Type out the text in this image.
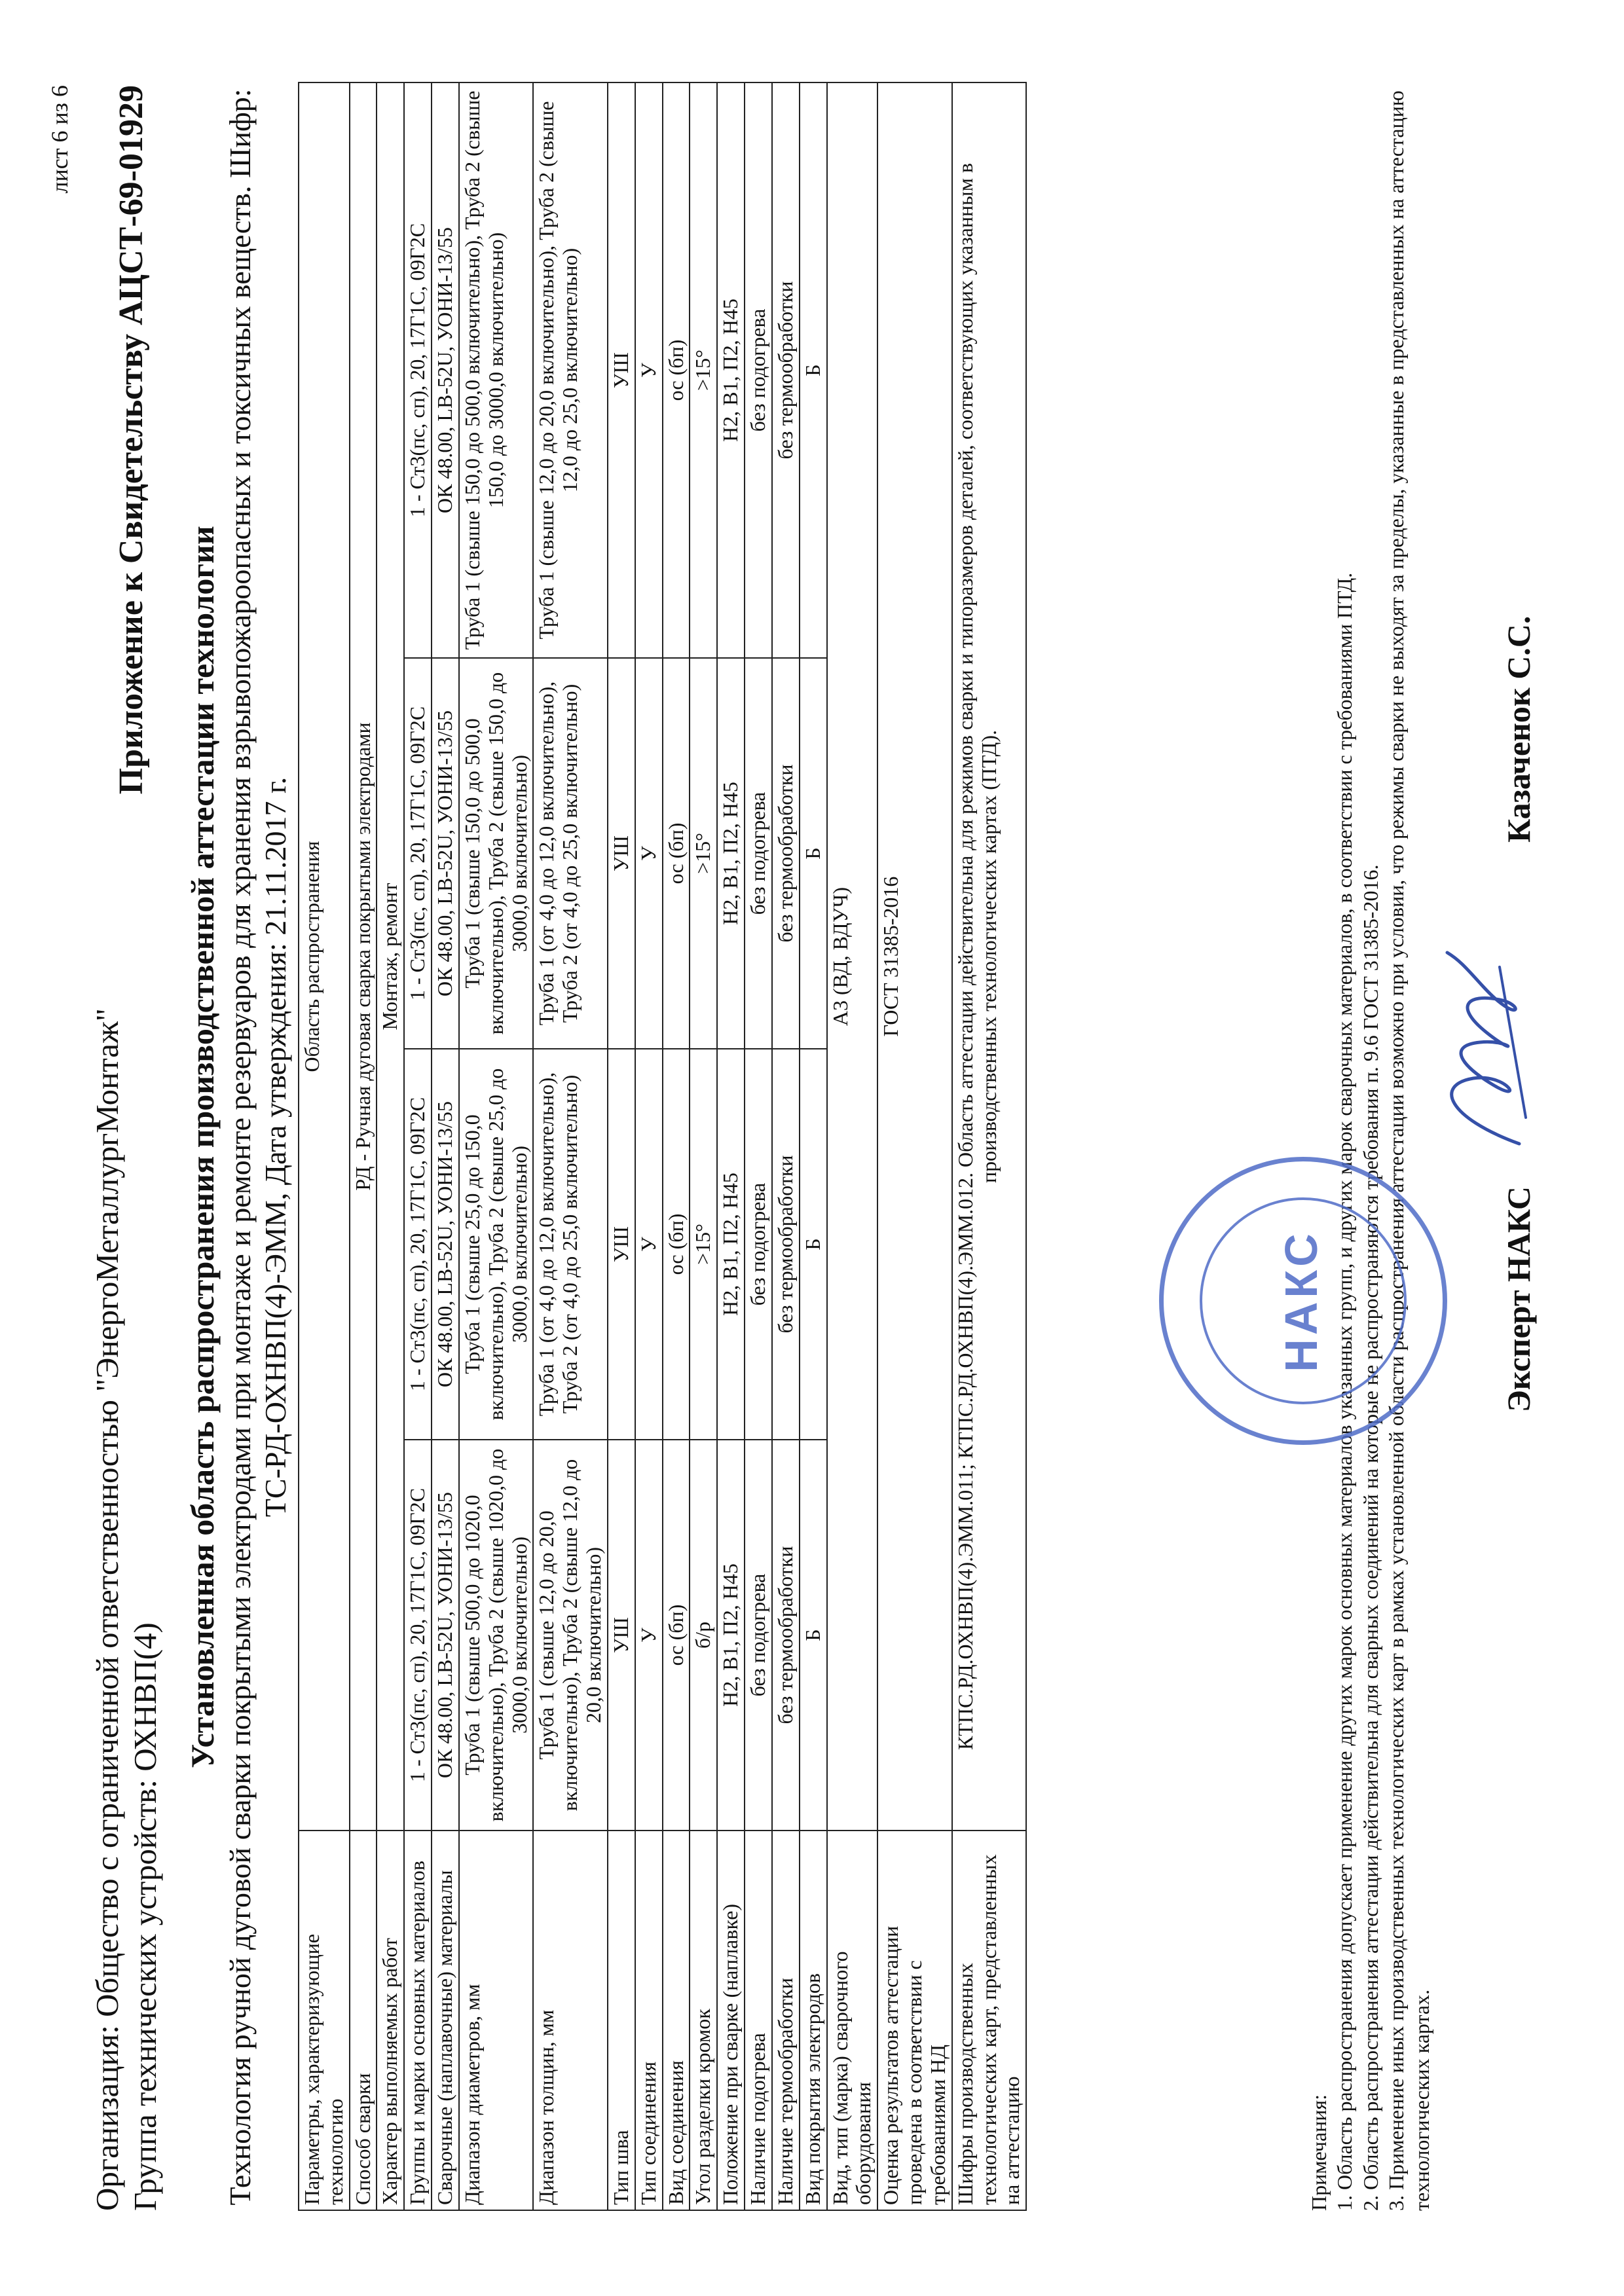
лист 6 из 6
Организация: Общество с ограниченной ответственностью "ЭнергоМеталлургМонтаж" Группа технических устройств: ОХНВП(4)
Приложение к Свидетельству АЦСТ-69-01929
Установленная область распространения производственной аттестации технологии Технология ручной дуговой сварки покрытыми электродами при монтаже и ремонте резервуаров для хранения взрывопожароопасных и токсичных веществ. Шифр: ТС-РД-ОХНВП(4)-ЭММ, Дата утверждения: 21.11.2017 г.
Параметры, характеризующие технологию	Область распространения			
Способ сварки	РД - Ручная дуговая сварка покрытыми электродами			
Характер выполняемых работ	Монтаж, ремонт			
Группы и марки основных материалов	1 - Ст3(пс, сп), 20, 17Г1С, 09Г2С	1 - Ст3(пс, сп), 20, 17Г1С, 09Г2С	1 - Ст3(пс, сп), 20, 17Г1С, 09Г2С	1 - Ст3(пс, сп), 20, 17Г1С, 09Г2С
Сварочные (наплавочные) материалы	ОК 48.00, LB-52U, УОНИ-13/55	ОК 48.00, LB-52U, УОНИ-13/55	ОК 48.00, LB-52U, УОНИ-13/55	ОК 48.00, LB-52U, УОНИ-13/55
Диапазон диаметров, мм	Труба 1 (свыше 500,0 до 1020,0 включительно), Труба 2 (свыше 1020,0 до 3000,0 включительно)	Труба 1 (свыше 25,0 до 150,0 включительно), Труба 2 (свыше 25,0 до 3000,0 включительно)	Труба 1 (свыше 150,0 до 500,0 включительно), Труба 2 (свыше 150,0 до 3000,0 включительно)	Труба 1 (свыше 150,0 до 500,0 включительно), Труба 2 (свыше 150,0 до 3000,0 включительно)
Диапазон толщин, мм	Труба 1 (свыше 12,0 до 20,0 включительно), Труба 2 (свыше 12,0 до 20,0 включительно)	Труба 1 (от 4,0 до 12,0 включительно), Труба 2 (от 4,0 до 25,0 включительно)	Труба 1 (от 4,0 до 12,0 включительно), Труба 2 (от 4,0 до 25,0 включительно)	Труба 1 (свыше 12,0 до 20,0 включительно), Труба 2 (свыше 12,0 до 25,0 включительно)
Тип шва	УШ	УШ	УШ	УШ
Тип соединения	У	У	У	У
Вид соединения	ос (бп)	ос (бп)	ос (бп)	ос (бп)
Угол разделки кромок	б/р	>15°	>15°	>15°
Положение при сварке (наплавке)	Н2, В1, П2, Н45	Н2, В1, П2, Н45	Н2, В1, П2, Н45	Н2, В1, П2, Н45
Наличие подогрева	без подогрева	без подогрева	без подогрева	без подогрева
Наличие термообработки	без термообработки	без термообработки	без термообработки	без термообработки
Вид покрытия электродов	Б	Б	Б	Б
Вид, тип (марка) сварочного оборудования	А3 (ВД, ВДУЧ)			
Оценка результатов аттестации проведена в соответствии с требованиями НД	ГОСТ 31385-2016			
Шифры производственных технологических карт, представленных на аттестацию	КТПС.РД.ОХНВП(4).ЭММ.011; КТПС.РД.ОХНВП(4).ЭММ.012. Область аттестации действительна для режимов сварки и типоразмеров деталей, соответствующих указанным в производственных технологических картах (ПТД).			
Примечания: 1. Область распространения допускает применение других марок основных материалов указанных групп, и других марок сварочных материалов, в соответствии с требованиями ПТД. 2. Область распространения аттестации действительна для сварных соединений на которые не распространяются требования п. 9.6 ГОСТ 31385-2016. 3. Применение иных производственных технологических карт в рамках установленной области распространения аттестации возможно при условии, что режимы сварки не выходят за пределы, указанные в представленных на аттестацию технологических картах.
НАКС	Эксперт НАКС
Казаченок С.С.
